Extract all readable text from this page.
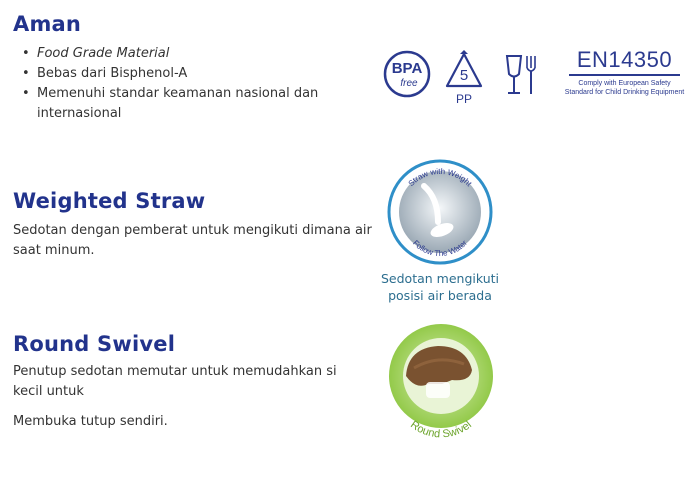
Aman
• Food Grade Material
• Bebas dari Bisphenol-A
• Memenuhi standar keamanan nasional dan internasional
BPA
free	5
PP
EN14350
Comply with European Safety
Standard for Child Drinking Equipment
Weighted Straw
Sedotan dengan pemberat untuk mengikuti dimana air saat minum.
Straw with Weight
Follow The Water
Sedotan mengikuti
posisi air berada
Round Swivel
Penutup sedotan memutar untuk memudahkan si kecil untuk
Membuka tutup sendiri.	Round Swivel
